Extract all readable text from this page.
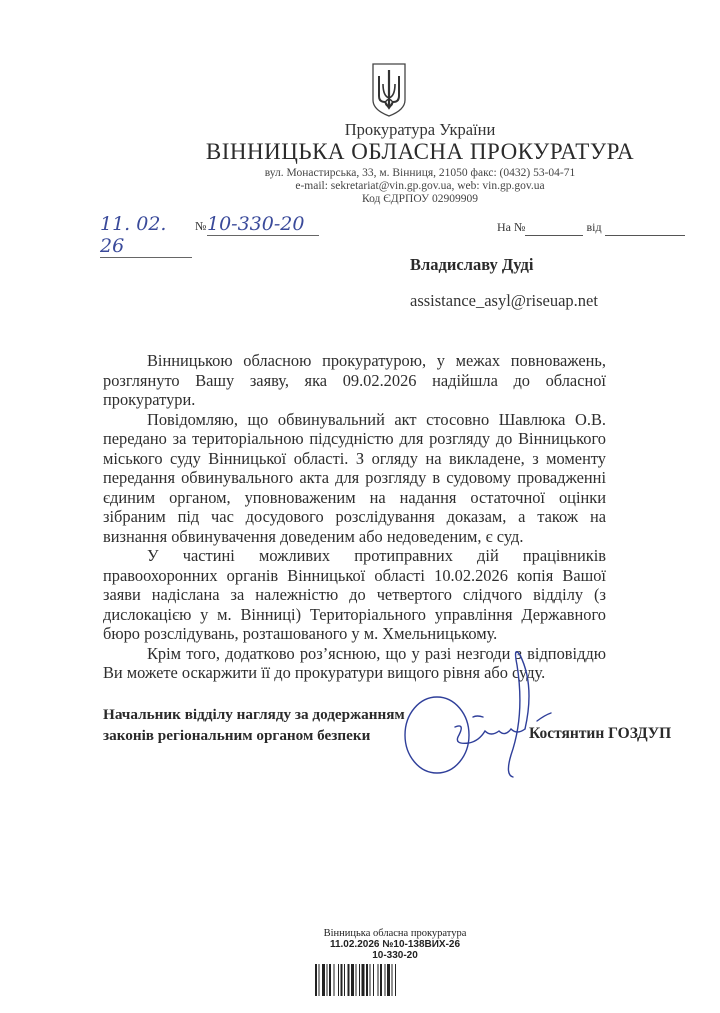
Прокуратура України
ВІННИЦЬКА ОБЛАСНА ПРОКУРАТУРА
вул. Монастирська, 33, м. Вінниця, 21050 факс: (0432) 53-04-71
e-mail: sekretariat@vin.gp.gov.ua, web: vin.gp.gov.ua
Код ЄДРПОУ 02909909
11. 02. 26
№ 10-330-20	На №	від
Владиславу Дуді
assistance_asyl@riseuap.net

Вінницькою обласною прокуратурою, у межах повноважень, розглянуто Вашу заяву, яка 09.02.2026 надійшла до обласної прокуратури.

Повідомляю, що обвинувальний акт стосовно Шавлюка О.В. передано за територіальною підсудністю для розгляду до Вінницького міського суду Вінницької області. З огляду на викладене, з моменту передання обвинувального акта для розгляду в судовому провадженні єдиним органом, уповноваженим на надання остаточної оцінки зібраним під час досудового розслідування доказам, а також на визнання обвинувачення доведеним або недоведеним, є суд.

У частині можливих протиправних дій працівників правоохоронних органів Вінницької області 10.02.2026 копія Вашої заяви надіслана за належністю до четвертого слідчого відділу (з дислокацією у м. Вінниці) Територіального управління Державного бюро розслідувань, розташованого у м. Хмельницькому.

Крім того, додатково роз’яснюю, що у разі незгоди з відповіддю Ви можете оскаржити її до прокуратури вищого рівня або суду.

Начальник відділу нагляду за додержанням
законів регіональним органом безпеки	Костянтин ГОЗДУП
Вінницька обласна прокуратура
11.02.2026 №10-138ВИХ-26
10-330-20
